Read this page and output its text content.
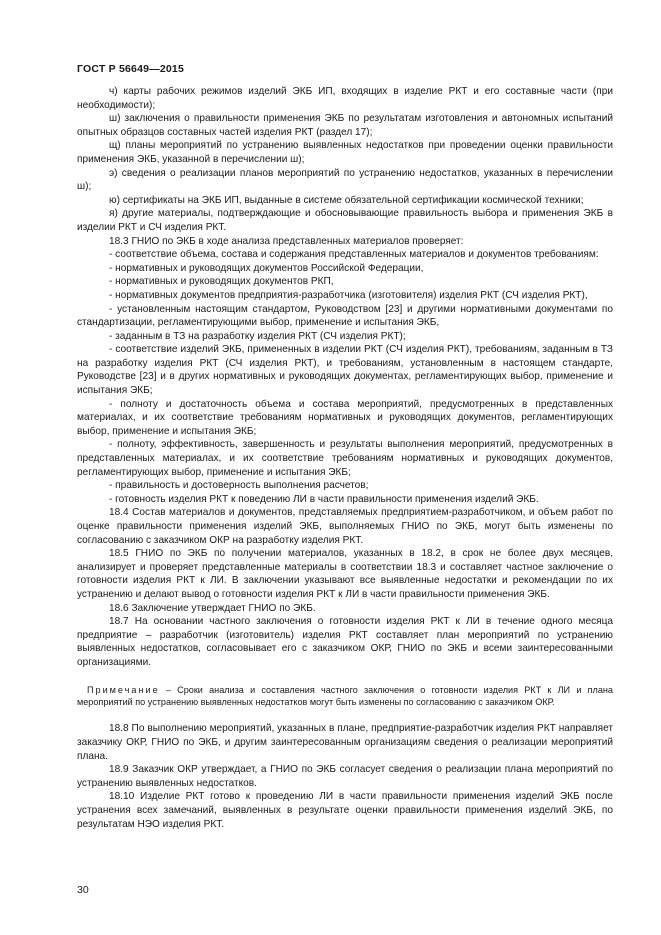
ГОСТ Р 56649—2015

ч) карты рабочих режимов изделий ЭКБ ИП, входящих в изделие РКТ и его составные части (при необходимости);

ш) заключения о правильности применения ЭКБ по результатам изготовления и автономных испытаний опытных образцов составных частей изделия РКТ (раздел 17);

щ) планы мероприятий по устранению выявленных недостатков при проведении оценки правильности применения ЭКБ, указанной в перечислении ш);

э) сведения о реализации планов мероприятий по устранению недостатков, указанных в перечислении ш);

ю) сертификаты на ЭКБ ИП, выданные в системе обязательной сертификации космической техники;

я) другие материалы, подтверждающие и обосновывающие правильность выбора и применения ЭКБ в изделии РКТ и СЧ изделия РКТ.

18.3 ГНИО по ЭКБ в ходе анализа представленных материалов проверяет:

- соответствие объема, состава и содержания представленных материалов и документов требованиям:

- нормативных и руководящих документов Российской Федерации,

- нормативных и руководящих документов РКП,

- нормативных документов предприятия-разработчика (изготовителя) изделия РКТ (СЧ изделия РКТ),

- установленным настоящим стандартом, Руководством [23] и другими нормативными документами по стандартизации, регламентирующими выбор, применение и испытания ЭКБ,

- заданным в ТЗ на разработку изделия РКТ (СЧ изделия РКТ);

- соответствие изделий ЭКБ, примененных в изделии РКТ (СЧ изделия РКТ), требованиям, заданным в ТЗ на разработку изделия РКТ (СЧ изделия РКТ), и требованиям, установленным в настоящем стандарте, Руководстве [23] и в других нормативных и руководящих документах, регламентирующих выбор, применение и испытания ЭКБ;

- полноту и достаточность объема и состава мероприятий, предусмотренных в представленных материалах, и их соответствие требованиям нормативных и руководящих документов, регламентирующих выбор, применение и испытания ЭКБ;

- полноту, эффективность, завершенность и результаты выполнения мероприятий, предусмотренных в представленных материалах, и их соответствие требованиям нормативных и руководящих документов, регламентирующих выбор, применение и испытания ЭКБ;

- правильность и достоверность выполнения расчетов;

- готовность изделия РКТ к поведению ЛИ в части правильности применения изделий ЭКБ.

18.4 Состав материалов и документов, представляемых предприятием-разработчиком, и объем работ по оценке правильности применения изделий ЭКБ, выполняемых ГНИО по ЭКБ, могут быть изменены по согласованию с заказчиком ОКР на разработку изделия РКТ.

18.5 ГНИО по ЭКБ по получении материалов, указанных в 18.2, в срок не более двух месяцев, анализирует и проверяет представленные материалы в соответствии 18.3 и составляет частное заключение о готовности изделия РКТ к ЛИ. В заключении указывают все выявленные недостатки и рекомендации по их устранению и делают вывод о готовности изделия РКТ к ЛИ в части правильности применения ЭКБ.

18.6 Заключение утверждает ГНИО по ЭКБ.

18.7 На основании частного заключения о готовности изделия РКТ к ЛИ в течение одного месяца предприятие – разработчик (изготовитель) изделия РКТ составляет план мероприятий по устранению выявленных недостатков, согласовывает его с заказчиком ОКР, ГНИО по ЭКБ и всеми заинтересованными организациями.

Примечание – Сроки анализа и составления частного заключения о готовности изделия РКТ к ЛИ и плана мероприятий по устранению выявленных недостатков могут быть изменены по согласованию с заказчиком ОКР.

18.8 По выполнению мероприятий, указанных в плане, предприятие-разработчик изделия РКТ направляет заказчику ОКР, ГНИО по ЭКБ, и другим заинтересованным организациям сведения о реализации мероприятий плана.

18.9 Заказчик ОКР утверждает, а ГНИО по ЭКБ согласует сведения о реализации плана мероприятий по устранению выявленных недостатков.

18.10 Изделие РКТ готово к проведению ЛИ в части правильности применения изделий ЭКБ после устранения всех замечаний, выявленных в результате оценки правильности применения изделий ЭКБ, по результатам НЭО изделия РКТ.

30
